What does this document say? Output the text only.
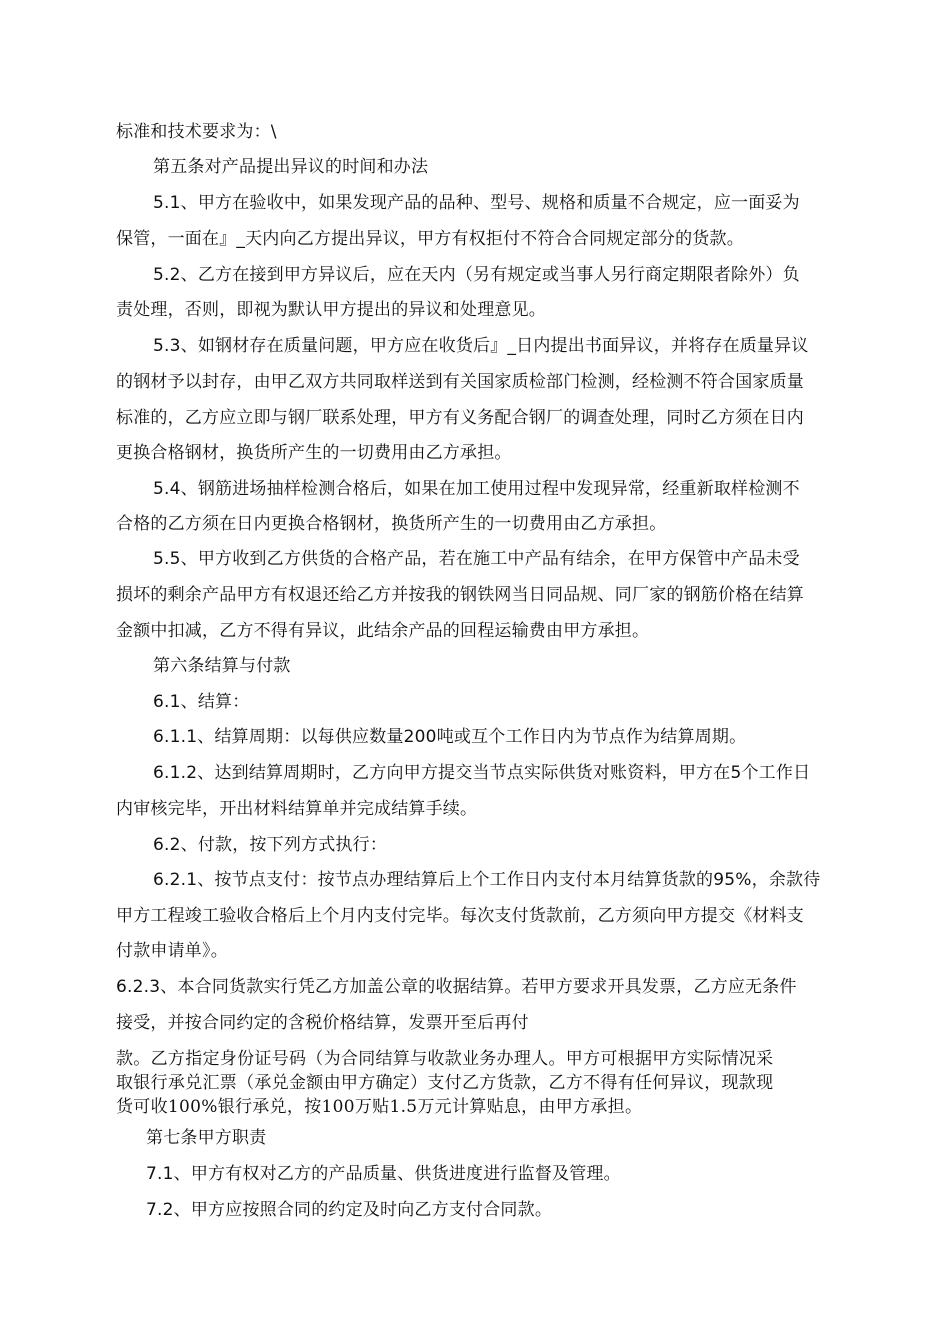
标准和技术要求为：\
第五条对产品提出异议的时间和办法
5.1、甲方在验收中，如果发现产品的品种、型号、规格和质量不合规定，应一面妥为
保管，一面在』_天内向乙方提出异议，甲方有权拒付不符合合同规定部分的货款。
5.2、乙方在接到甲方异议后，应在天内（另有规定或当事人另行商定期限者除外）负
责处理，否则，即视为默认甲方提出的异议和处理意见。
5.3、如钢材存在质量问题，甲方应在收货后』_日内提出书面异议，并将存在质量异议
的钢材予以封存，由甲乙双方共同取样送到有关国家质检部门检测，经检测不符合国家质量
标准的，乙方应立即与钢厂联系处理，甲方有义务配合钢厂的调查处理，同时乙方须在日内
更换合格钢材，换货所产生的一切费用由乙方承担。
5.4、钢筋进场抽样检测合格后，如果在加工使用过程中发现异常，经重新取样检测不
合格的乙方须在日内更换合格钢材，换货所产生的一切费用由乙方承担。
5.5、甲方收到乙方供货的合格产品，若在施工中产品有结余，在甲方保管中产品未受
损坏的剩余产品甲方有权退还给乙方并按我的钢铁网当日同品规、同厂家的钢筋价格在结算
金额中扣减，乙方不得有异议，此结余产品的回程运输费由甲方承担。
第六条结算与付款
6.1、结算：
6.1.1、结算周期：以每供应数量200吨或互个工作日内为节点作为结算周期。
6.1.2、达到结算周期时，乙方向甲方提交当节点实际供货对账资料，甲方在5个工作日
内审核完毕，开出材料结算单并完成结算手续。
6.2、付款，按下列方式执行：
6.2.1、按节点支付：按节点办理结算后上个工作日内支付本月结算货款的95%，余款待
甲方工程竣工验收合格后上个月内支付完毕。每次支付货款前，乙方须向甲方提交《材料支
付款申请单》。
6.2.3、本合同货款实行凭乙方加盖公章的收据结算。若甲方要求开具发票，乙方应无条件
接受，并按合同约定的含税价格结算，发票开至后再付
款。乙方指定身份证号码（为合同结算与收款业务办理人。甲方可根据甲方实际情况采
取银行承兑汇票（承兑金额由甲方确定）支付乙方货款，乙方不得有任何异议，现款现
货可收100%银行承兑，按100万贴1.5万元计算贴息，由甲方承担。
第七条甲方职责
7.1、甲方有权对乙方的产品质量、供货进度进行监督及管理。
7.2、甲方应按照合同的约定及时向乙方支付合同款。
